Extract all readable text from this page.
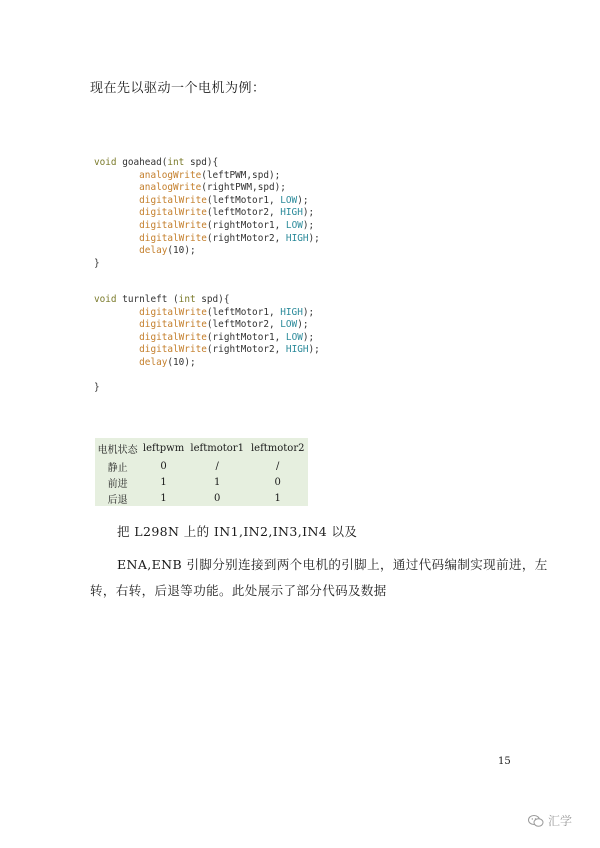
现在先以驱动一个电机为例：
void goahead(int spd){
analogWrite(leftPWM,spd);
analogWrite(rightPWM,spd);
digitalWrite(leftMotor1, LOW);
digitalWrite(leftMotor2, HIGH);
digitalWrite(rightMotor1, LOW);
digitalWrite(rightMotor2, HIGH);
delay(10);
}
void turnleft (int spd){
digitalWrite(leftMotor1, HIGH);
digitalWrite(leftMotor2, LOW);
digitalWrite(rightMotor1, LOW);
digitalWrite(rightMotor2, HIGH);
delay(10);
}
电机状态	leftpwm	leftmotor1	leftmotor2
静止	0	/	/
前进	1	1	0
后退	1	0	1
把 L298N 上的 IN1,IN2,IN3,IN4 以及
ENA,ENB 引脚分别连接到两个电机的引脚上，通过代码编制实现前进，左
转，右转，后退等功能。此处展示了部分代码及数据
15
汇学
